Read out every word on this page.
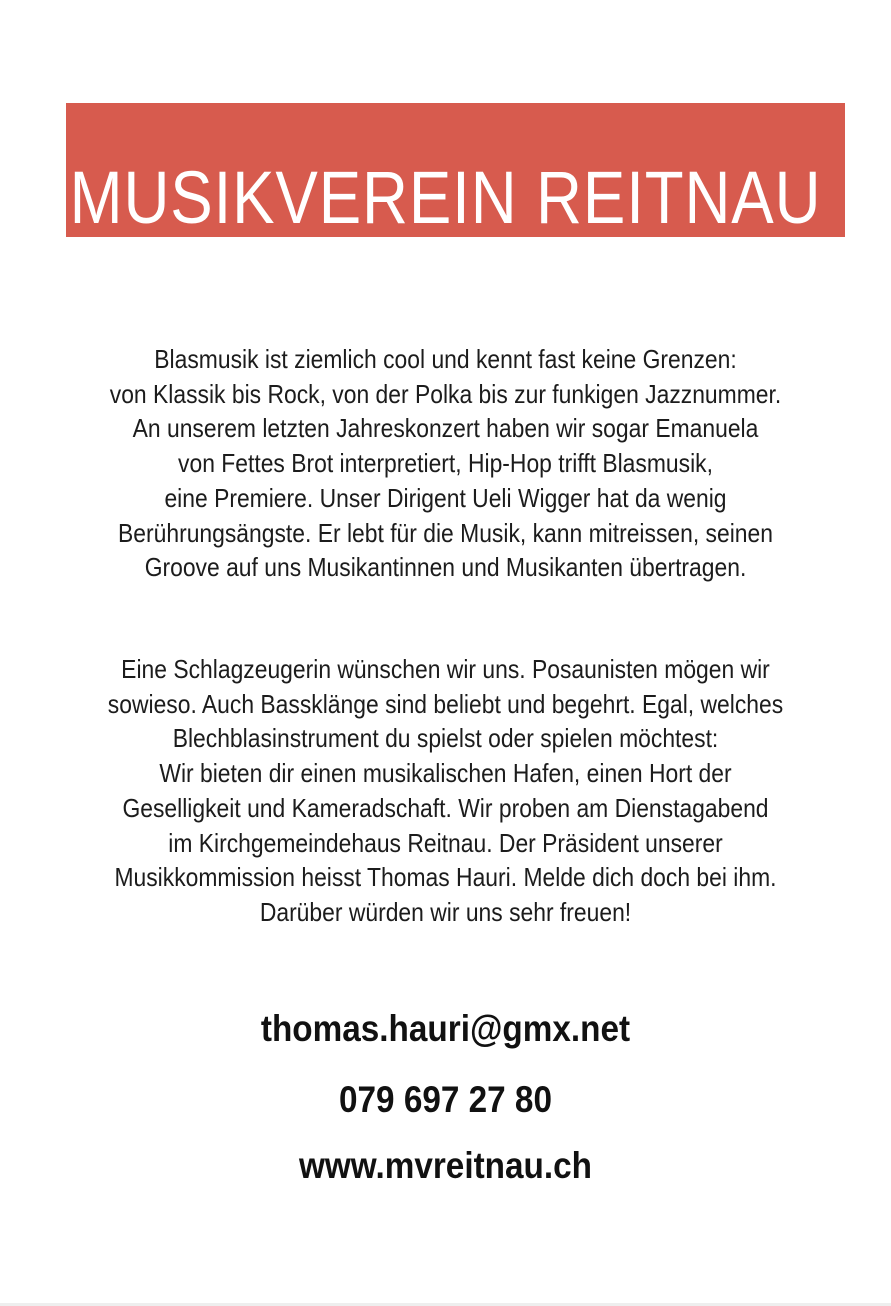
MUSIKVEREIN REITNAU
Blasmusik ist ziemlich cool und kennt fast keine Grenzen:
von Klassik bis Rock, von der Polka bis zur funkigen Jazznummer.
An unserem letzten Jahreskonzert haben wir sogar Emanuela
von Fettes Brot interpretiert, Hip-Hop trifft Blasmusik,
eine Premiere. Unser Dirigent Ueli Wigger hat da wenig
Berührungsängste. Er lebt für die Musik, kann mitreissen, seinen
Groove auf uns Musikantinnen und Musikanten übertragen.
Eine Schlagzeugerin wünschen wir uns. Posaunisten mögen wir
sowieso. Auch Bassklänge sind beliebt und begehrt. Egal, welches
Blechblasinstrument du spielst oder spielen möchtest:
Wir bieten dir einen musikalischen Hafen, einen Hort der
Geselligkeit und Kameradschaft. Wir proben am Dienstagabend
im Kirchgemeindehaus Reitnau. Der Präsident unserer
Musikkommission heisst Thomas Hauri. Melde dich doch bei ihm.
Darüber würden wir uns sehr freuen!
thomas.hauri@gmx.net
079 697 27 80
www.mvreitnau.ch
